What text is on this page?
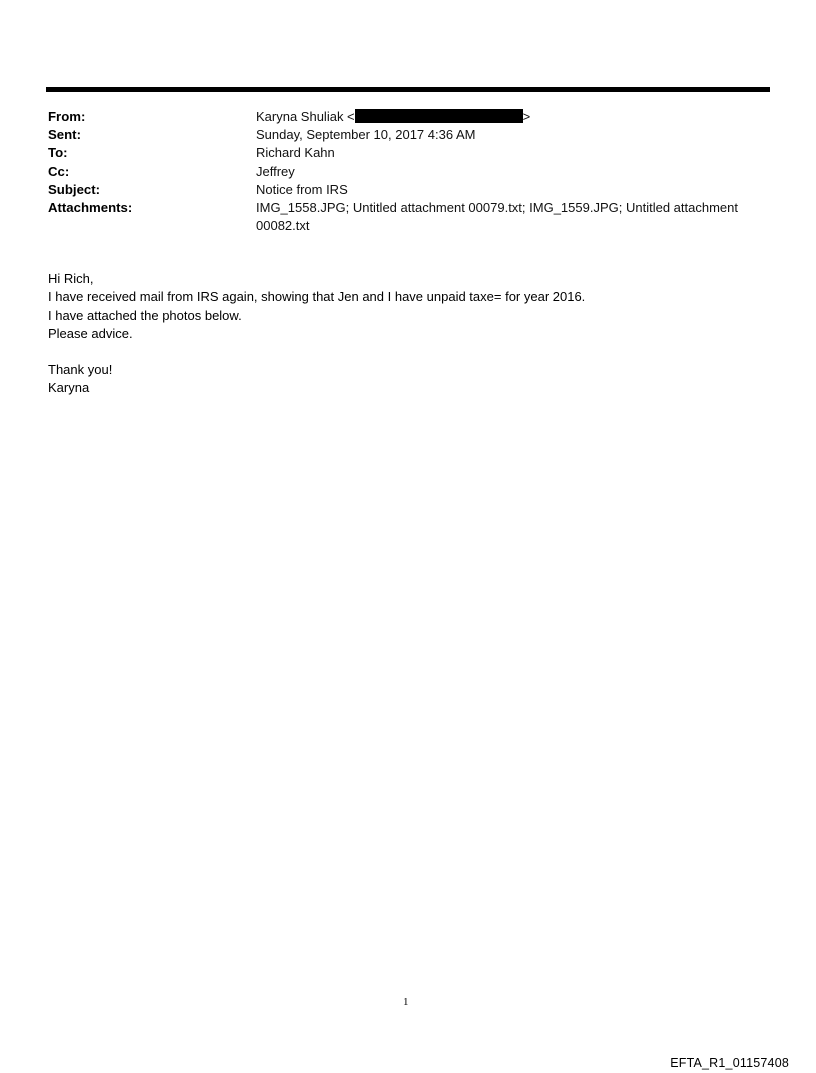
From:	Karyna Shuliak <	>
Sent:	Sunday, September 10, 2017 4:36 AM
To:	Richard Kahn
Cc:	Jeffrey
Subject:	Notice from IRS
Attachments:	IMG_1558.JPG; Untitled attachment 00079.txt; IMG_1559.JPG; Untitled attachment
00082.txt

Hi Rich,

I have received mail from IRS again, showing that Jen and I have unpaid taxe= for year 2016.

I have attached the photos below.

Please advice.

Thank you!

Karyna

1
EFTA_R1_01157408
